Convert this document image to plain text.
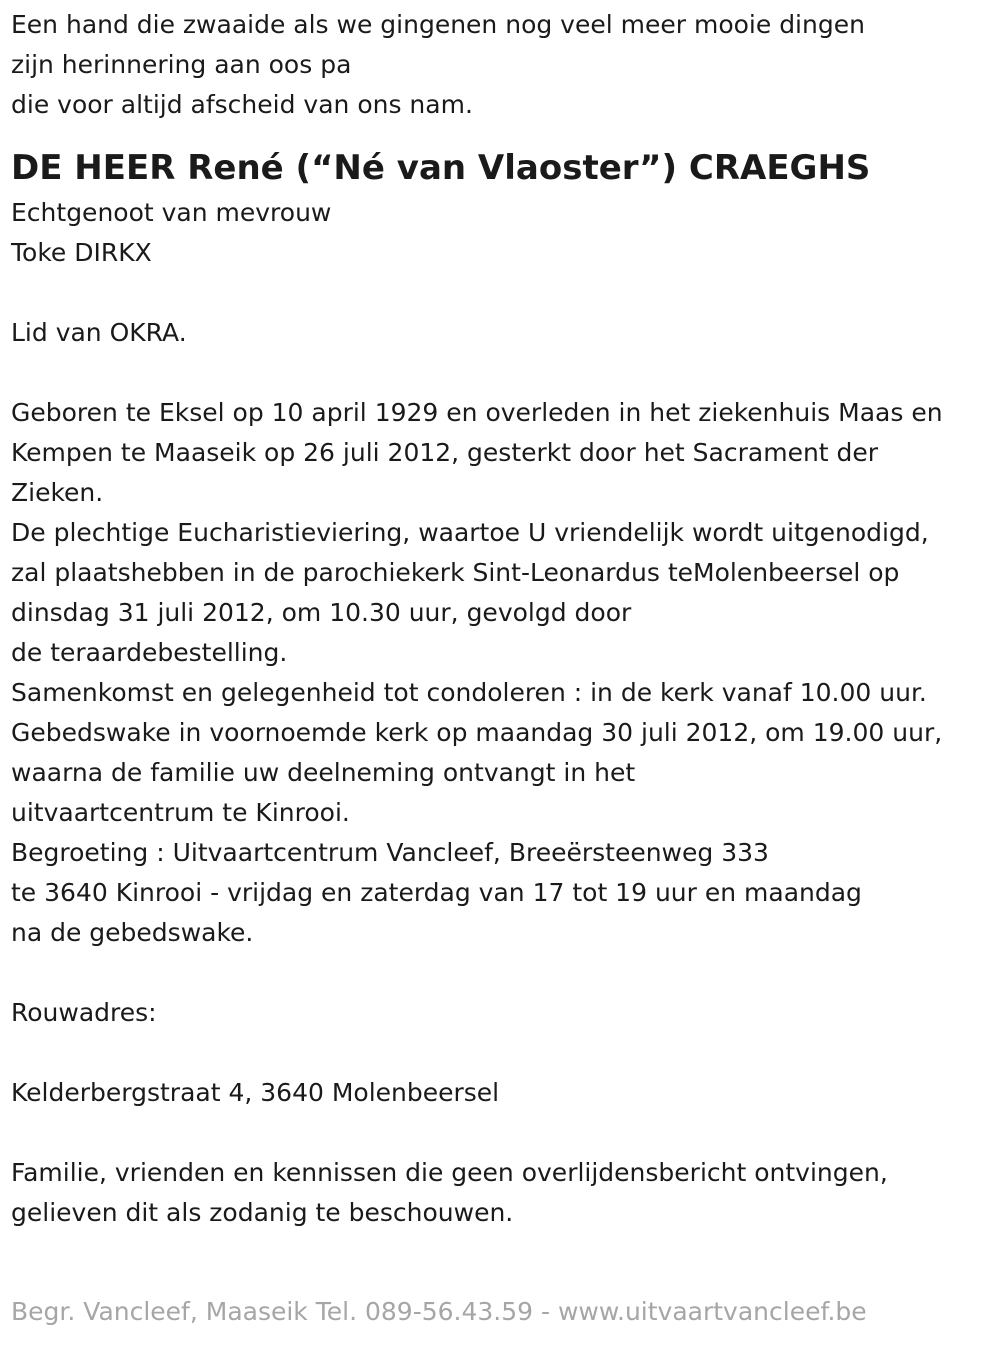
Een hand die zwaaide als we gingenen nog veel meer mooie dingen
zijn herinnering aan oos pa
die voor altijd afscheid van ons nam.
DE HEER René (“Né van Vlaoster”) CRAEGHS
Echtgenoot van mevrouw
Toke DIRKX
Lid van OKRA.
Geboren te Eksel op 10 april 1929 en overleden in het ziekenhuis Maas en
Kempen te Maaseik op 26 juli 2012, gesterkt door het Sacrament der
Zieken.
De plechtige Eucharistieviering, waartoe U vriendelijk wordt uitgenodigd,
zal plaatshebben in de parochiekerk Sint-Leonardus teMolenbeersel op
dinsdag 31 juli 2012, om 10.30 uur, gevolgd door
de teraardebestelling.
Samenkomst en gelegenheid tot condoleren : in de kerk vanaf 10.00 uur.
Gebedswake in voornoemde kerk op maandag 30 juli 2012, om 19.00 uur,
waarna de familie uw deelneming ontvangt in het
uitvaartcentrum te Kinrooi.
Begroeting : Uitvaartcentrum Vancleef, Breeërsteenweg 333
te 3640 Kinrooi - vrijdag en zaterdag van 17 tot 19 uur en maandag
na de gebedswake.
Rouwadres:
Kelderbergstraat 4, 3640 Molenbeersel
Familie, vrienden en kennissen die geen overlijdensbericht ontvingen,
gelieven dit als zodanig te beschouwen.
Begr. Vancleef, Maaseik Tel. 089-56.43.59 - www.uitvaartvancleef.be
